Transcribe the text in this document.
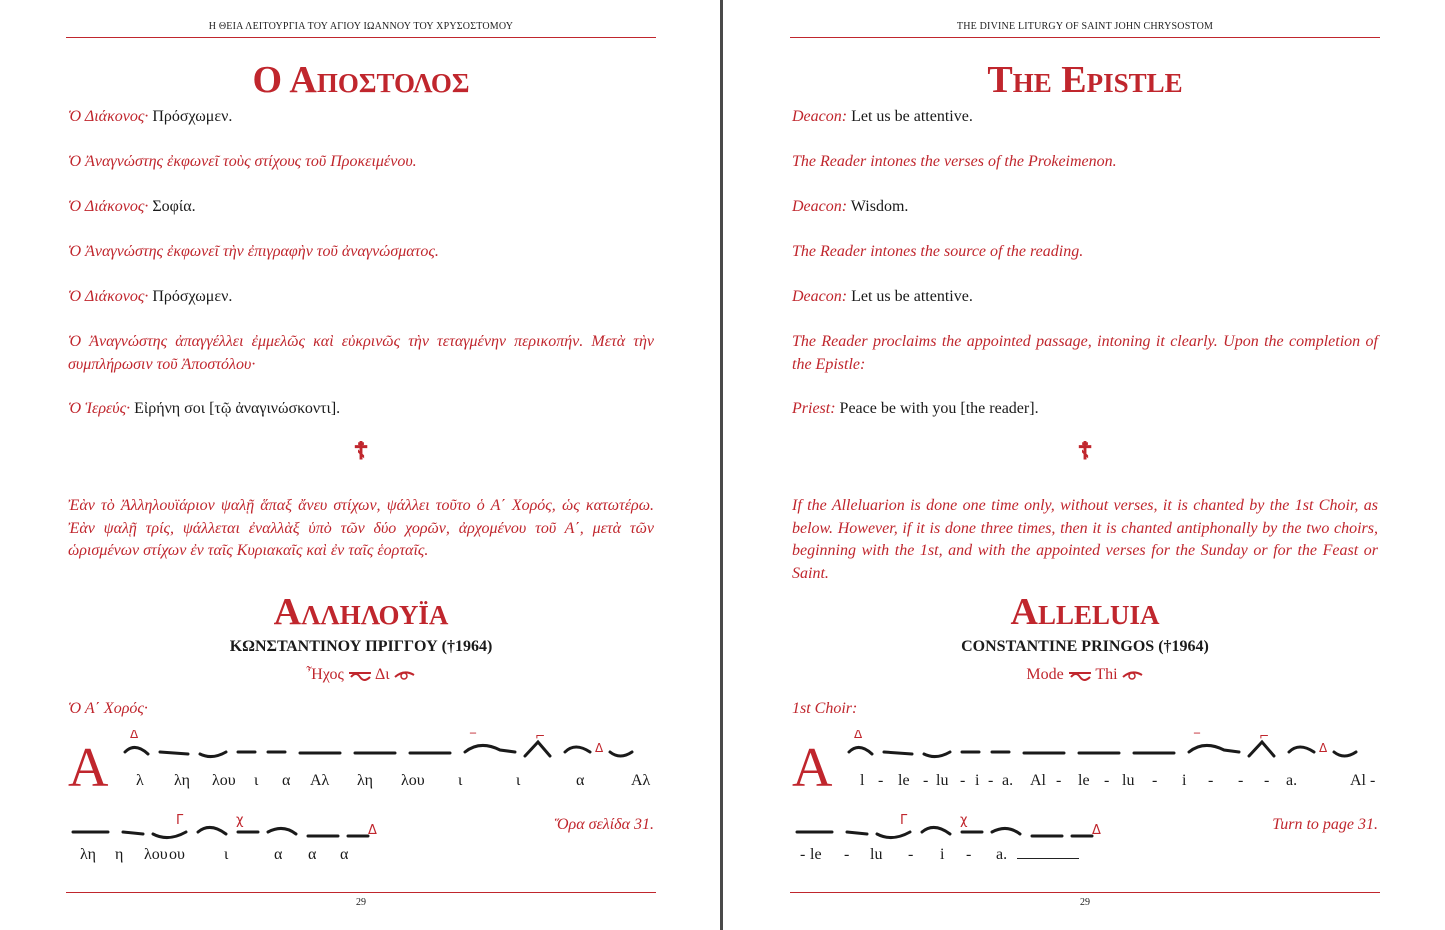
Η ΘΕΙΑ ΛΕΙΤΟΥΡΓΙΑ ΤΟΥ ΑΓΙΟΥ ΙΩΑΝΝΟΥ ΤΟΥ ΧΡΥΣΟΣΤΟΜΟΥ
Ο Αποστολος
Ὁ Διάκονος· Πρόσχωμεν.
Ὁ Ἀναγνώστης ἐκφωνεῖ τοὺς στίχους τοῦ Προκειμένου.
Ὁ Διάκονος· Σοφία.
Ὁ Ἀναγνώστης ἐκφωνεῖ τὴν ἐπιγραφὴν τοῦ ἀναγνώσματος.
Ὁ Διάκονος· Πρόσχωμεν.
Ὁ Ἀναγνώστης ἀπαγγέλλει ἐμμελῶς καὶ εὐκρινῶς τὴν τεταγμένην περικοπήν. Μετὰ τὴν συμπλήρωσιν τοῦ Ἀποστόλου·
Ὁ Ἱερεύς· Εἰρήνη σοι [τῷ ἀναγινώσκοντι].
☦
Ἐὰν τὸ Ἀλληλουϊάριον ψαλῇ ἅπαξ ἄνευ στίχων, ψάλλει τοῦτο ὁ Α΄ Χορός, ὡς κατωτέρω. Ἐὰν ψαλῇ τρίς, ψάλλεται ἐναλλὰξ ὑπὸ τῶν δύο χορῶν, ἀρχομένου τοῦ Α΄, μετὰ τῶν ὡρισμένων στίχων ἐν ταῖς Κυριακαῖς καὶ ἐν ταῖς ἑορταῖς.
Αλληλουϊα
ΚΩΝΣΤΑΝΤΙΝΟΥ ΠΡΙΓΓΟΥ (†1964)
Ἦχος Δι
Ὁ Α΄ Χορός·
Α
Δ	‾	⌐
Δ
λ λη λου ι α Αλ λη λου ι	ι	α	Αλ
Γ	χ
Δ
λη η λου ου ι	α α α
Ὅρα σελίδα 31.
29
THE DIVINE LITURGY OF SAINT JOHN CHRYSOSTOM
The Epistle
Deacon: Let us be attentive.
The Reader intones the verses of the Prokeimenon.
Deacon: Wisdom.
The Reader intones the source of the reading.
Deacon: Let us be attentive.
The Reader proclaims the appointed passage, intoning it clearly. Upon the completion of the Epistle:
Priest: Peace be with you [the reader].
☦
If the Alleluarion is done one time only, without verses, it is chanted by the 1st Choir, as below. However, if it is done three times, then it is chanted antiphonally by the two choirs, beginning with the 1st, and with the appointed verses for the Sunday or for the Feast or Saint.
Alleluia
CONSTANTINE PRINGOS (†1964)
Mode Thi
1st Choir:
A
Δ	‾	⌐
Δ
l - le - lu - i - a. Al - le - lu - i - - - a.	Al -
Γ	χ
Δ
- le - lu - i - a.
Turn to page 31.
29
